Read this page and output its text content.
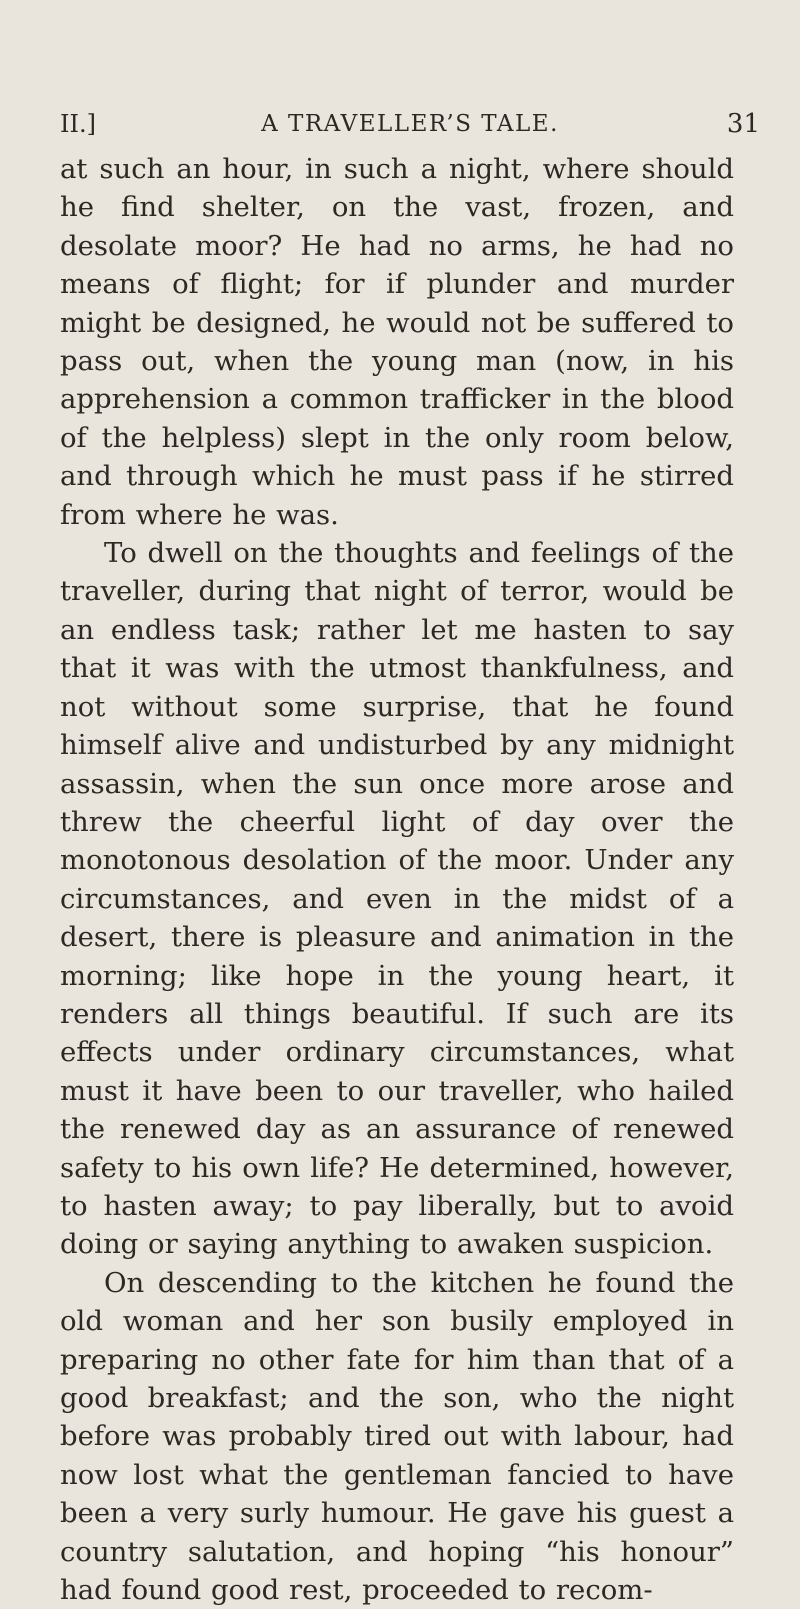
II.]	A TRAVELLER’S TALE.	31

at such an hour, in such a night, where should he find shelter, on the vast, frozen, and desolate moor? He had no arms, he had no means of flight; for if plunder and murder might be designed, he would not be suffered to pass out, when the young man (now, in his apprehension a common trafficker in the blood of the helpless) slept in the only room below, and through which he must pass if he stirred from where he was.

To dwell on the thoughts and feelings of the traveller, during that night of terror, would be an endless task; rather let me hasten to say that it was with the utmost thankfulness, and not without some surprise, that he found himself alive and undisturbed by any midnight assassin, when the sun once more arose and threw the cheerful light of day over the monotonous desolation of the moor. Under any circumstances, and even in the midst of a desert, there is pleasure and animation in the morning; like hope in the young heart, it renders all things beautiful. If such are its effects under ordinary circumstances, what must it have been to our traveller, who hailed the renewed day as an assurance of renewed safety to his own life? He determined, however, to hasten away; to pay liberally, but to avoid doing or saying anything to awaken suspicion.

On descending to the kitchen he found the old woman and her son busily employed in preparing no other fate for him than that of a good breakfast; and the son, who the night before was probably tired out with labour, had now lost what the gentleman fancied to have been a very surly humour. He gave his guest a country salutation, and hoping “his honour” had found good rest, proceeded to recom-
